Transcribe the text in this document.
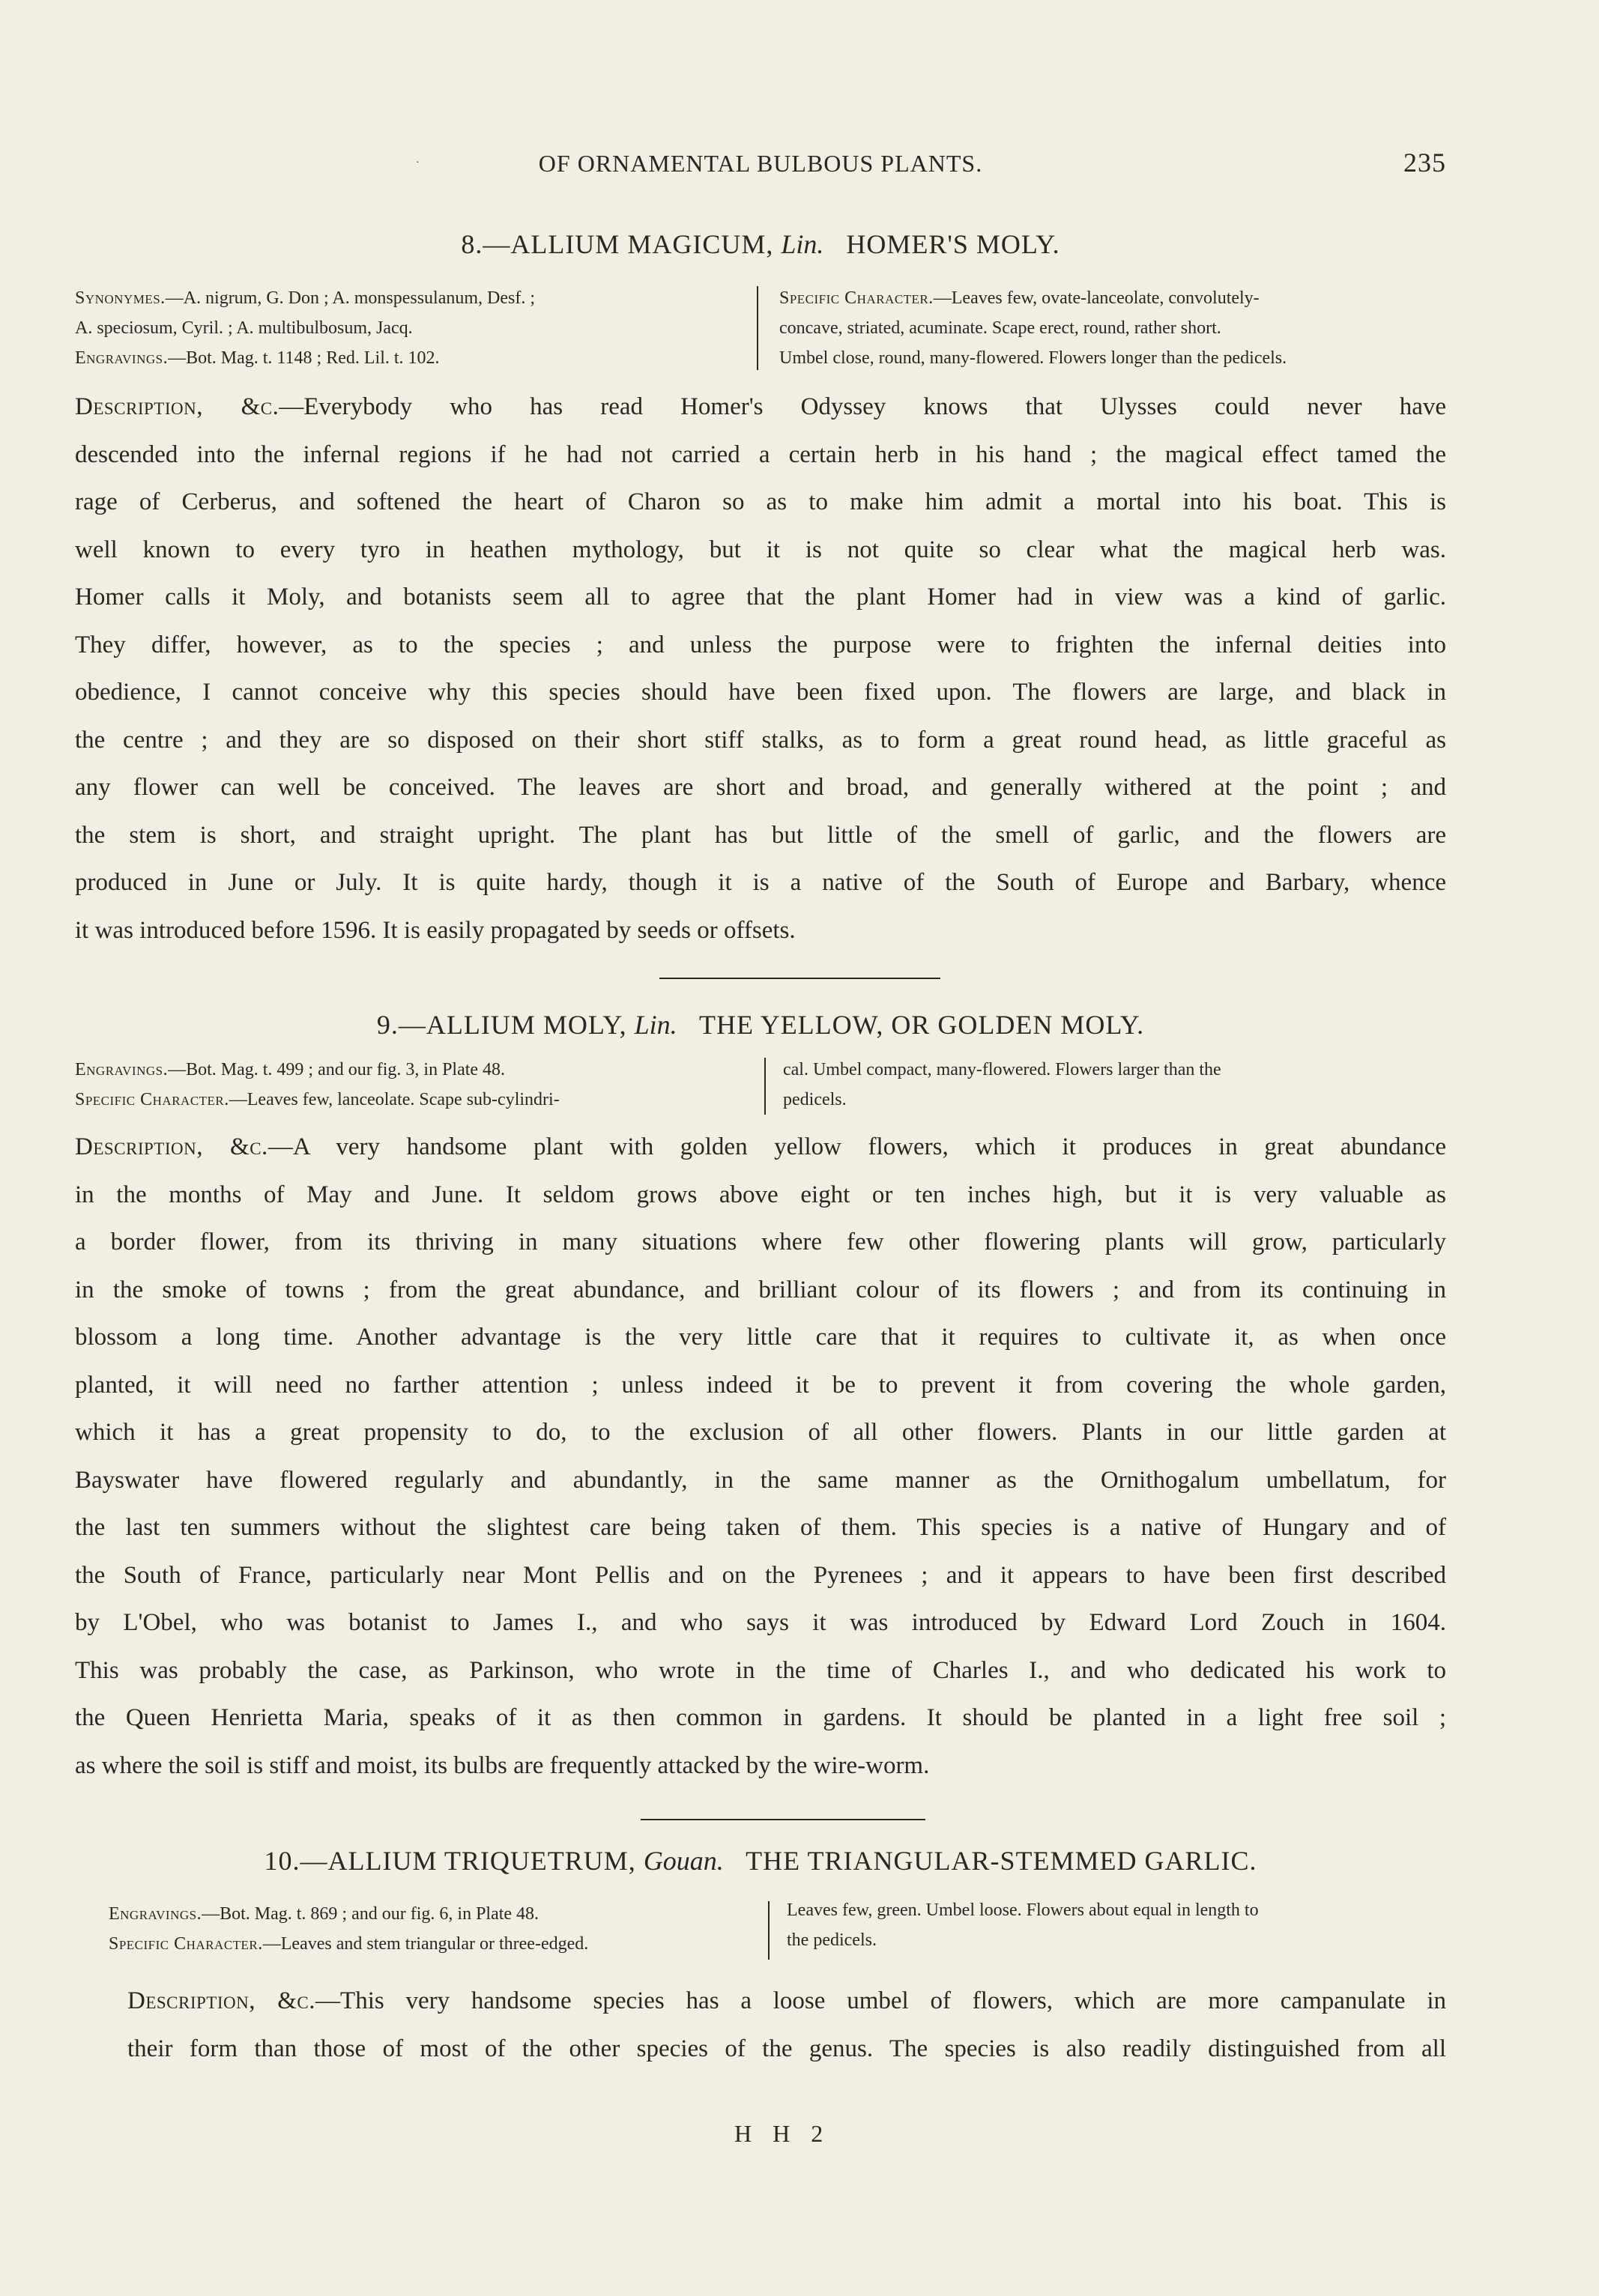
·	OF ORNAMENTAL BULBOUS PLANTS.	235
8.—ALLIUM MAGICUM, Lin. HOMER'S MOLY.
Synonymes.—A. nigrum, G. Don ; A. monspessulanum, Desf. ;
A. speciosum, Cyril. ; A. multibulbosum, Jacq.
Engravings.—Bot. Mag. t. 1148 ; Red. Lil. t. 102.
Specific Character.—Leaves few, ovate-lanceolate, convolutely-
concave, striated, acuminate. Scape erect, round, rather short.
Umbel close, round, many-flowered. Flowers longer than the pedicels.
Description, &c.—Everybody who has read Homer's Odyssey knows that Ulysses could never have
descended into the infernal regions if he had not carried a certain herb in his hand ; the magical effect tamed the
rage of Cerberus, and softened the heart of Charon so as to make him admit a mortal into his boat. This is
well known to every tyro in heathen mythology, but it is not quite so clear what the magical herb was.
Homer calls it Moly, and botanists seem all to agree that the plant Homer had in view was a kind of garlic.
They differ, however, as to the species ; and unless the purpose were to frighten the infernal deities into
obedience, I cannot conceive why this species should have been fixed upon. The flowers are large, and black in
the centre ; and they are so disposed on their short stiff stalks, as to form a great round head, as little graceful as
any flower can well be conceived. The leaves are short and broad, and generally withered at the point ; and
the stem is short, and straight upright. The plant has but little of the smell of garlic, and the flowers are
produced in June or July. It is quite hardy, though it is a native of the South of Europe and Barbary, whence
it was introduced before 1596. It is easily propagated by seeds or offsets.
9.—ALLIUM MOLY, Lin. THE YELLOW, OR GOLDEN MOLY.
Engravings.—Bot. Mag. t. 499 ; and our fig. 3, in Plate 48.
Specific Character.—Leaves few, lanceolate. Scape sub-cylindri-
cal. Umbel compact, many-flowered. Flowers larger than the
pedicels.
Description, &c.—A very handsome plant with golden yellow flowers, which it produces in great abundance
in the months of May and June. It seldom grows above eight or ten inches high, but it is very valuable as
a border flower, from its thriving in many situations where few other flowering plants will grow, particularly
in the smoke of towns ; from the great abundance, and brilliant colour of its flowers ; and from its continuing in
blossom a long time. Another advantage is the very little care that it requires to cultivate it, as when once
planted, it will need no farther attention ; unless indeed it be to prevent it from covering the whole garden,
which it has a great propensity to do, to the exclusion of all other flowers. Plants in our little garden at
Bayswater have flowered regularly and abundantly, in the same manner as the Ornithogalum umbellatum, for
the last ten summers without the slightest care being taken of them. This species is a native of Hungary and of
the South of France, particularly near Mont Pellis and on the Pyrenees ; and it appears to have been first described
by L'Obel, who was botanist to James I., and who says it was introduced by Edward Lord Zouch in 1604.
This was probably the case, as Parkinson, who wrote in the time of Charles I., and who dedicated his work to
the Queen Henrietta Maria, speaks of it as then common in gardens. It should be planted in a light free soil ;
as where the soil is stiff and moist, its bulbs are frequently attacked by the wire-worm.
10.—ALLIUM TRIQUETRUM, Gouan. THE TRIANGULAR-STEMMED GARLIC.
Engravings.—Bot. Mag. t. 869 ; and our fig. 6, in Plate 48.
Specific Character.—Leaves and stem triangular or three-edged.
Leaves few, green. Umbel loose. Flowers about equal in length to
the pedicels.
Description, &c.—This very handsome species has a loose umbel of flowers, which are more campanulate in
their form than those of most of the other species of the genus. The species is also readily distinguished from all
H H 2
